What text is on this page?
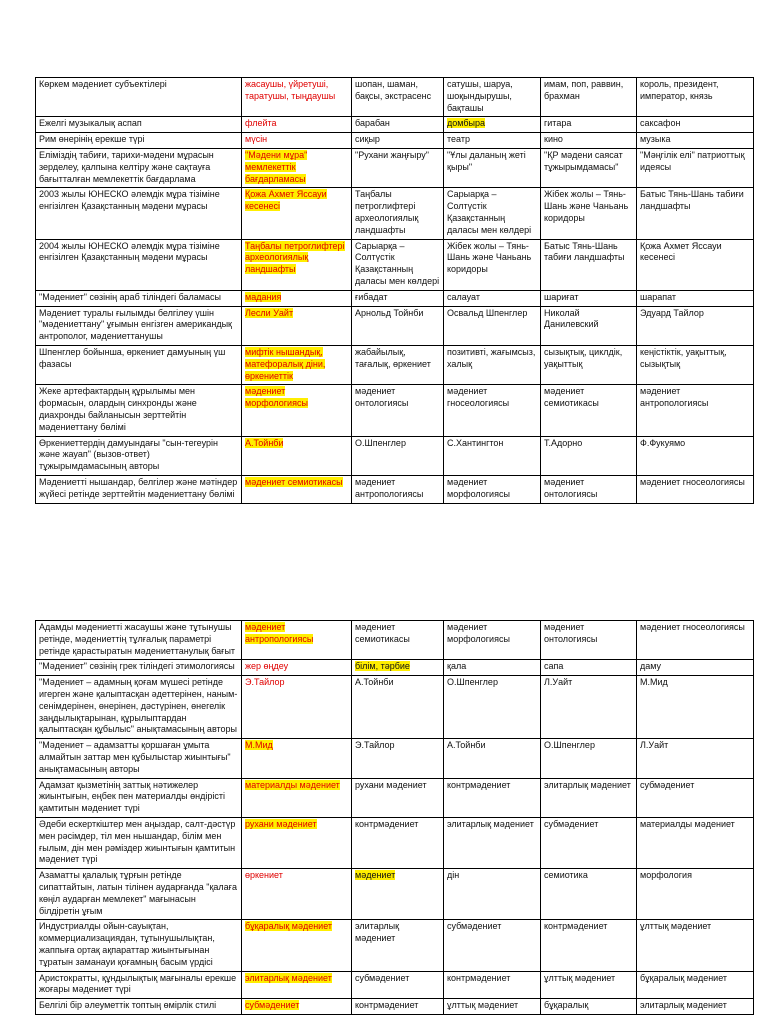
Көркем мәдениет субъектілері	жасаушы, үйретуші, таратушы, тыңдаушы	шопан, шаман, бақсы, экстрасенс	сатушы, шаруа, шоқындырушы, бақташы	имам, поп, раввин, брахман	король, президент, император, князь
Ежелгі музыкалық аспап	флейта	барабан	домбыра	гитара	саксафон
Рим өнерінің ерекше түрі	мүсін	сиқыр	театр	кино	музыка
Еліміздің табиғи, тарихи-мәдени мұрасын зерделеу, қалпына келтіру және сақтауға бағытталған мемлекеттік бағдарлама	"Мәдени мұра" мемлекеттік бағдарламасы	"Рухани жаңғыру"	"Ұлы даланың жеті қыры"	"ҚР мәдени саясат тұжырымдамасы"	"Мәңгілік елі" патриоттық идеясы
2003 жылы ЮНЕСКО әлемдік мұра тізіміне енгізілген Қазақстанның мәдени мұрасы	Қожа Ахмет Яссауи кесенесі	Таңбалы петроглифтері археологиялық ландшафты	Сарыарқа – Солтүстік Қазақстанның даласы мен көлдері	Жібек жолы – Тянь-Шань және Чаньань коридоры	Батыс Тянь-Шань табиғи ландшафты
2004 жылы ЮНЕСКО әлемдік мұра тізіміне енгізілген Қазақстанның мәдени мұрасы	Таңбалы петроглифтері археологиялық ландшафты	Сарыарқа – Солтүстік Қазақстанның даласы мен көлдері	Жібек жолы – Тянь-Шань және Чаньань коридоры	Батыс Тянь-Шань табиғи ландшафты	Қожа Ахмет Яссауи кесенесі
"Мәдениет" сөзінің араб тіліндегі баламасы	мадания	ғибадат	салауат	шариғат	шарапат
Мәдениет туралы ғылымды белгілеу үшін "мәдениеттану" ұғымын енгізген американдық антрополог, мәдениеттанушы	Лесли Уайт	Арнольд Тойнби	Освальд Шпенглер	Николай Данилевский	Эдуард Тайлор
Шпенглер бойынша, өркениет дамуының үш фазасы	мифтік нышандық, матефоралық діни, өркениеттік	жабайылық, тағалық, өркениет	позитивті, жағымсыз, халық	сызықтық, циклдік, уақыттық	кеңістіктік, уақыттық, сызықтық
Жеке артефактардың құрылымы мен формасын, олардың синхронды және диахронды байланысын зерттейтін мәдениеттану бөлімі	мәдениет морфологиясы	мәдениет онтологиясы	мәдениет гносеологиясы	мәдениет семиотикасы	мәдениет антропологиясы
Өркениеттердің дамуындағы "сын-тегеурін және жауап" (вызов-ответ) тұжырымдамасының авторы	А.Тойнби	О.Шпенглер	С.Хантингтон	Т.Адорно	Ф.Фукуямо
Мәдениетті нышандар, белгілер және мәтіндер жүйесі ретінде зерттейтін мәдениеттану бөлімі	мәдениет семиотикасы	мәдениет антропологиясы	мәдениет морфологиясы	мәдениет онтологиясы	мәдениет гносеологиясы
Адамды мәдениетті жасаушы және тұтынушы ретінде, мәдениеттің тұлғалық параметрі ретінде қарастыратын мәдениеттанулық бағыт	мәдениет антропологиясы	мәдениет семиотикасы	мәдениет морфологиясы	мәдениет онтологиясы	мәдениет гносеологиясы
"Мәдениет" сөзінің грек тіліндегі этимологиясы	жер өңдеу	білім, тәрбие	қала	сапа	даму
"Мәдениет – адамның қоғам мүшесі ретінде игерген және қалыптасқан әдеттерінен, наным-сенімдерінен, өнерінен, дәстүрінен, өнегелік заңдылықтарынан, құрылыптардан қалыптасқан құбылыс" анықтамасының авторы	Э.Тайлор	А.Тойнби	О.Шпенглер	Л.Уайт	М.Мид
"Мәдениет – адамзатты қоршаған ұмыта алмайтын заттар мен құбылыстар жиынтығы" анықтамасының авторы	М.Мид	Э.Тайлор	А.Тойнби	О.Шпенглер	Л.Уайт
Адамзат қызметінің заттық нәтижелер жиынтығын, еңбек пен материалды өндірісті қамтитын мәдениет түрі	материалды мәдениет	рухани мәдениет	контрмәдениет	элитарлық мәдениет	субмәдениет
Әдеби ескерткіштер мен аңыздар, салт-дәстүр мен рәсімдер, тіл мен нышандар, білім мен ғылым, дін мен рәміздер жиынтығын қамтитын мәдениет түрі	рухани мәдениет	контрмәдениет	элитарлық мәдениет	субмәдениет	материалды мәдениет
Азаматты қалалық тұрғын ретінде сипаттайтын, латын тілінен аударғанда "қалаға көңіл аударған мемлекет" мағынасын білдіретін ұғым	өркениет	мәдениет	дін	семиотика	морфология
Индустриалды ойын-сауықтан, коммерциализациядан, тұтынушылықтан, жаппыға ортақ ақпараттар жиынтығынан тұратын заманауи қоғамның басым үрдісі	бұқаралық мәдениет	элитарлық мәдениет	субмәдениет	контрмәдениет	ұлттық мәдениет
Аристократты, құндылықтық мағыналы ерекше жоғары мәдениет түрі	элитарлық мәдениет	субмәдениет	контрмәдениет	ұлттық мәдениет	бұқаралық мәдениет
Белгілі бір әлеуметтік топтың өмірлік стилі	субмәдениет	контрмәдениет	ұлттық мәдениет	бұқаралық	элитарлық мәдениет
